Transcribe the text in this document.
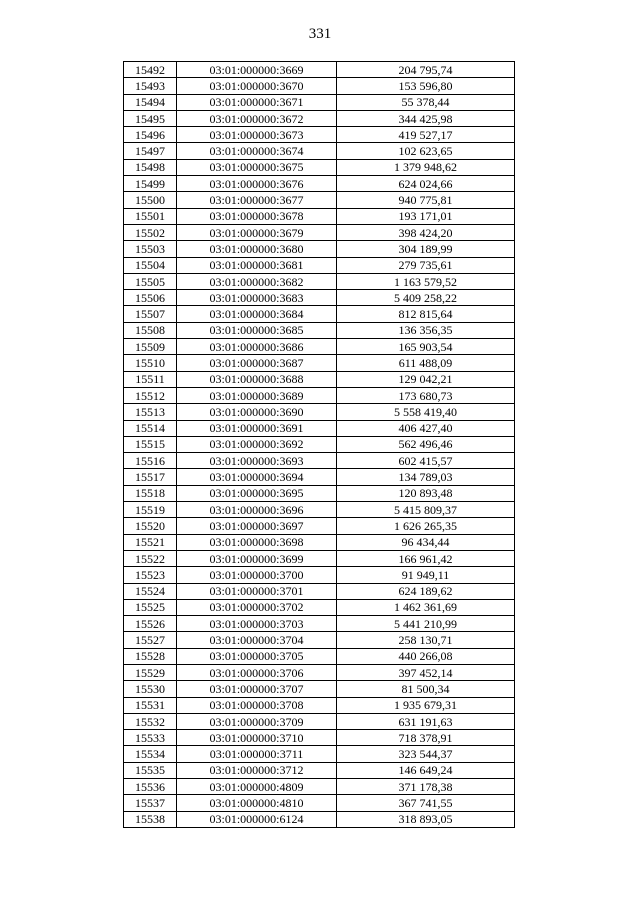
331
15492	03:01:000000:3669	204 795,74
15493	03:01:000000:3670	153 596,80
15494	03:01:000000:3671	55 378,44
15495	03:01:000000:3672	344 425,98
15496	03:01:000000:3673	419 527,17
15497	03:01:000000:3674	102 623,65
15498	03:01:000000:3675	1 379 948,62
15499	03:01:000000:3676	624 024,66
15500	03:01:000000:3677	940 775,81
15501	03:01:000000:3678	193 171,01
15502	03:01:000000:3679	398 424,20
15503	03:01:000000:3680	304 189,99
15504	03:01:000000:3681	279 735,61
15505	03:01:000000:3682	1 163 579,52
15506	03:01:000000:3683	5 409 258,22
15507	03:01:000000:3684	812 815,64
15508	03:01:000000:3685	136 356,35
15509	03:01:000000:3686	165 903,54
15510	03:01:000000:3687	611 488,09
15511	03:01:000000:3688	129 042,21
15512	03:01:000000:3689	173 680,73
15513	03:01:000000:3690	5 558 419,40
15514	03:01:000000:3691	406 427,40
15515	03:01:000000:3692	562 496,46
15516	03:01:000000:3693	602 415,57
15517	03:01:000000:3694	134 789,03
15518	03:01:000000:3695	120 893,48
15519	03:01:000000:3696	5 415 809,37
15520	03:01:000000:3697	1 626 265,35
15521	03:01:000000:3698	96 434,44
15522	03:01:000000:3699	166 961,42
15523	03:01:000000:3700	91 949,11
15524	03:01:000000:3701	624 189,62
15525	03:01:000000:3702	1 462 361,69
15526	03:01:000000:3703	5 441 210,99
15527	03:01:000000:3704	258 130,71
15528	03:01:000000:3705	440 266,08
15529	03:01:000000:3706	397 452,14
15530	03:01:000000:3707	81 500,34
15531	03:01:000000:3708	1 935 679,31
15532	03:01:000000:3709	631 191,63
15533	03:01:000000:3710	718 378,91
15534	03:01:000000:3711	323 544,37
15535	03:01:000000:3712	146 649,24
15536	03:01:000000:4809	371 178,38
15537	03:01:000000:4810	367 741,55
15538	03:01:000000:6124	318 893,05
